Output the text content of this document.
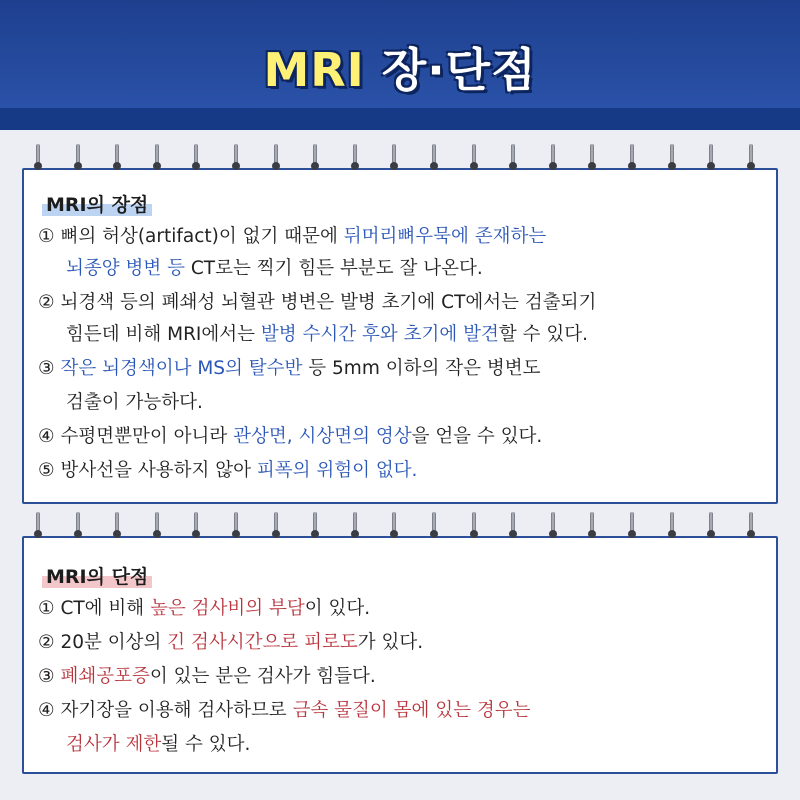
MRI 장·단점
MRI의 장점
① 뼈의 허상(artifact)이 없기 때문에 뒤머리뼈우묵에 존재하는
뇌종양 병변 등 CT로는 찍기 힘든 부분도 잘 나온다.
② 뇌경색 등의 폐쇄성 뇌혈관 병변은 발병 초기에 CT에서는 검출되기
힘든데 비해 MRI에서는 발병 수시간 후와 초기에 발견할 수 있다.
③ 작은 뇌경색이나 MS의 탈수반 등 5mm 이하의 작은 병변도
검출이 가능하다.
④ 수평면뿐만이 아니라 관상면, 시상면의 영상을 얻을 수 있다.
⑤ 방사선을 사용하지 않아 피폭의 위험이 없다.
MRI의 단점
① CT에 비해 높은 검사비의 부담이 있다.
② 20분 이상의 긴 검사시간으로 피로도가 있다.
③ 폐쇄공포증이 있는 분은 검사가 힘들다.
④ 자기장을 이용해 검사하므로 금속 물질이 몸에 있는 경우는
검사가 제한될 수 있다.
